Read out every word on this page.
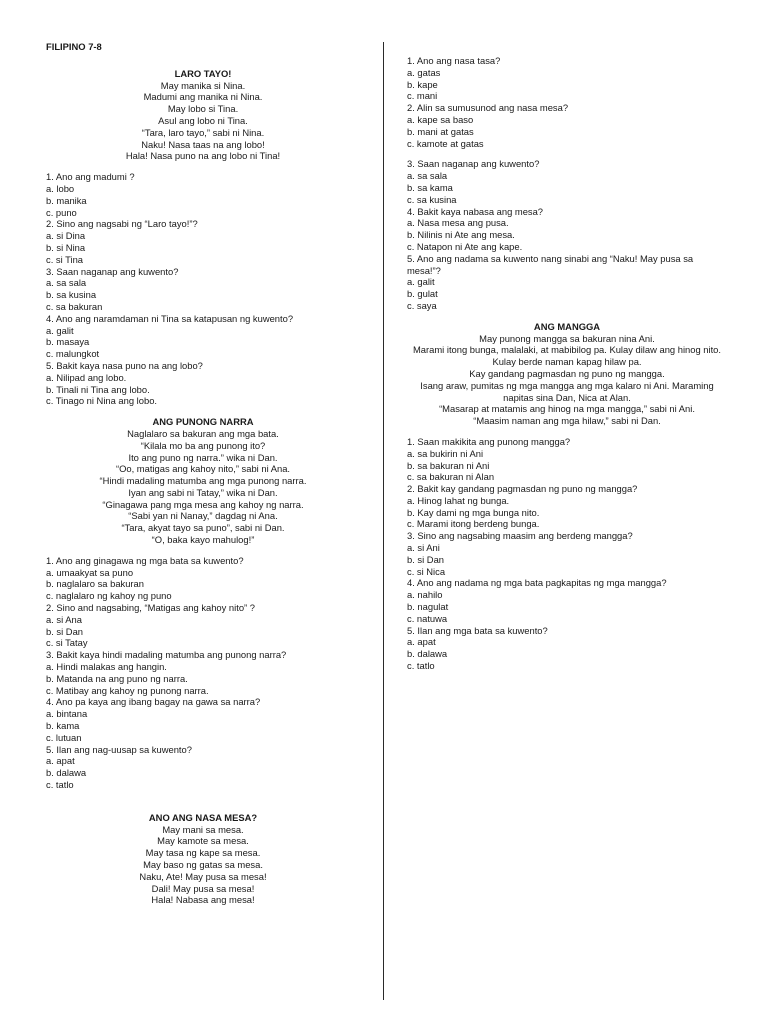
FILIPINO 7-8
LARO TAYO!
May manika si Nina.
Madumi ang manika ni Nina.
May lobo si Tina.
Asul ang lobo ni Tina.
“Tara, laro tayo,” sabi ni Nina.
Naku! Nasa taas na ang lobo!
Hala! Nasa puno na ang lobo ni Tina!
1. Ano ang madumi ?
a. lobo
b. manika
c. puno
2. Sino ang nagsabi ng “Laro tayo!”?
a. si Dina
b. si Nina
c. si Tina
3. Saan naganap ang kuwento?
a. sa sala
b. sa kusina
c. sa bakuran
4. Ano ang naramdaman ni Tina sa katapusan ng kuwento?
a. galit
b. masaya
c. malungkot
5. Bakit kaya nasa puno na ang lobo?
a. Nilipad ang lobo.
b. Tinali ni Tina ang lobo.
c. Tinago ni Nina ang lobo.
ANG PUNONG NARRA
Naglalaro sa bakuran ang mga bata.
“Kilala mo ba ang punong ito?
Ito ang puno ng narra.” wika ni Dan.
“Oo, matigas ang kahoy nito,” sabi ni Ana.
“Hindi madaling matumba ang mga punong narra.
Iyan ang sabi ni Tatay,” wika ni Dan.
“Ginagawa pang mga mesa ang kahoy ng narra.
“Sabi yan ni Nanay,” dagdag ni Ana.
“Tara, akyat tayo sa puno”, sabi ni Dan.
“O, baka kayo mahulog!”
1. Ano ang ginagawa ng mga bata sa kuwento?
a. umaakyat sa puno
b. naglalaro sa bakuran
c. naglalaro ng kahoy ng puno
2. Sino and nagsabing, “Matigas ang kahoy nito” ?
a. si Ana
b. si Dan
c. si Tatay
3. Bakit kaya hindi madaling matumba ang punong narra?
a. Hindi malakas ang hangin.
b. Matanda na ang puno ng narra.
c. Matibay ang kahoy ng punong narra.
4. Ano pa kaya ang ibang bagay na gawa sa narra?
a. bintana
b. kama
c. lutuan
5. Ilan ang nag-uusap sa kuwento?
a. apat
b. dalawa
c. tatlo
ANO ANG NASA MESA?
May mani sa mesa.
May kamote sa mesa.
May tasa ng kape sa mesa.
May baso ng gatas sa mesa.
Naku, Ate! May pusa sa mesa!
Dali! May pusa sa mesa!
Hala! Nabasa ang mesa!
1. Ano ang nasa tasa?
a. gatas
b. kape
c. mani
2. Alin sa sumusunod ang nasa mesa?
a. kape sa baso
b. mani at gatas
c. kamote at gatas
3. Saan naganap ang kuwento?
a. sa sala
b. sa kama
c. sa kusina
4. Bakit kaya nabasa ang mesa?
a. Nasa mesa ang pusa.
b. Nilinis ni Ate ang mesa.
c. Natapon ni Ate ang kape.
5. Ano ang nadama sa kuwento nang sinabi ang “Naku! May pusa sa
mesa!”?
a. galit
b. gulat
c. saya
ANG MANGGA
May punong mangga sa bakuran nina Ani.
Marami itong bunga, malalaki, at mabibilog pa. Kulay dilaw ang hinog nito.
Kulay berde naman kapag hilaw pa.
Kay gandang pagmasdan ng puno ng mangga.
Isang araw, pumitas ng mga mangga ang mga kalaro ni Ani. Maraming
napitas sina Dan, Nica at Alan.
“Masarap at matamis ang hinog na mga mangga,” sabi ni Ani.
“Maasim naman ang mga hilaw,” sabi ni Dan.
1. Saan makikita ang punong mangga?
a. sa bukirin ni Ani
b. sa bakuran ni Ani
c. sa bakuran ni Alan
2. Bakit kay gandang pagmasdan ng puno ng mangga?
a. Hinog lahat ng bunga.
b. Kay dami ng mga bunga nito.
c. Marami itong berdeng bunga.
3. Sino ang nagsabing maasim ang berdeng mangga?
a. si Ani
b. si Dan
c. si Nica
4. Ano ang nadama ng mga bata pagkapitas ng mga mangga?
a. nahilo
b. nagulat
c. natuwa
5. Ilan ang mga bata sa kuwento?
a. apat
b. dalawa
c. tatlo
